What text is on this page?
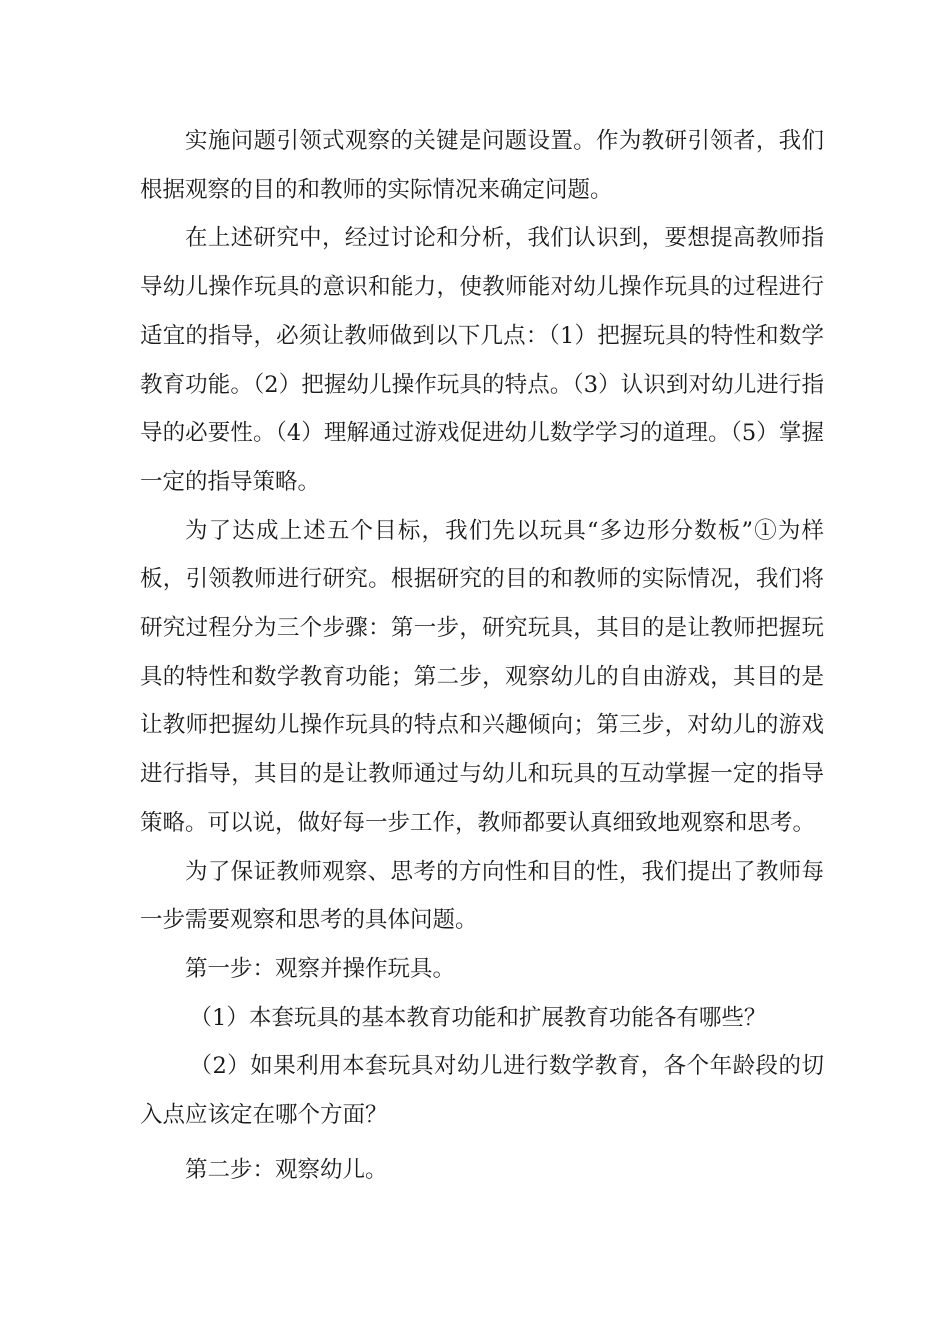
实施问题引领式观察的关键是问题设置。作为教研引领者，我们根据观察的目的和教师的实际情况来确定问题。

在上述研究中，经过讨论和分析，我们认识到，要想提高教师指导幼儿操作玩具的意识和能力，使教师能对幼儿操作玩具的过程进行适宜的指导，必须让教师做到以下几点：（1）把握玩具的特性和数学教育功能。（2）把握幼儿操作玩具的特点。（3）认识到对幼儿进行指导的必要性。（4）理解通过游戏促进幼儿数学学习的道理。（5）掌握一定的指导策略。

为了达成上述五个目标，我们先以玩具“多边形分数板”①为样板，引领教师进行研究。根据研究的目的和教师的实际情况，我们将研究过程分为三个步骤：第一步，研究玩具，其目的是让教师把握玩具的特性和数学教育功能；第二步，观察幼儿的自由游戏，其目的是让教师把握幼儿操作玩具的特点和兴趣倾向；第三步，对幼儿的游戏进行指导，其目的是让教师通过与幼儿和玩具的互动掌握一定的指导策略。可以说，做好每一步工作，教师都要认真细致地观察和思考。

为了保证教师观察、思考的方向性和目的性，我们提出了教师每一步需要观察和思考的具体问题。

第一步：观察并操作玩具。

（1）本套玩具的基本教育功能和扩展教育功能各有哪些？

（2）如果利用本套玩具对幼儿进行数学教育，各个年龄段的切入点应该定在哪个方面？

第二步：观察幼儿。
